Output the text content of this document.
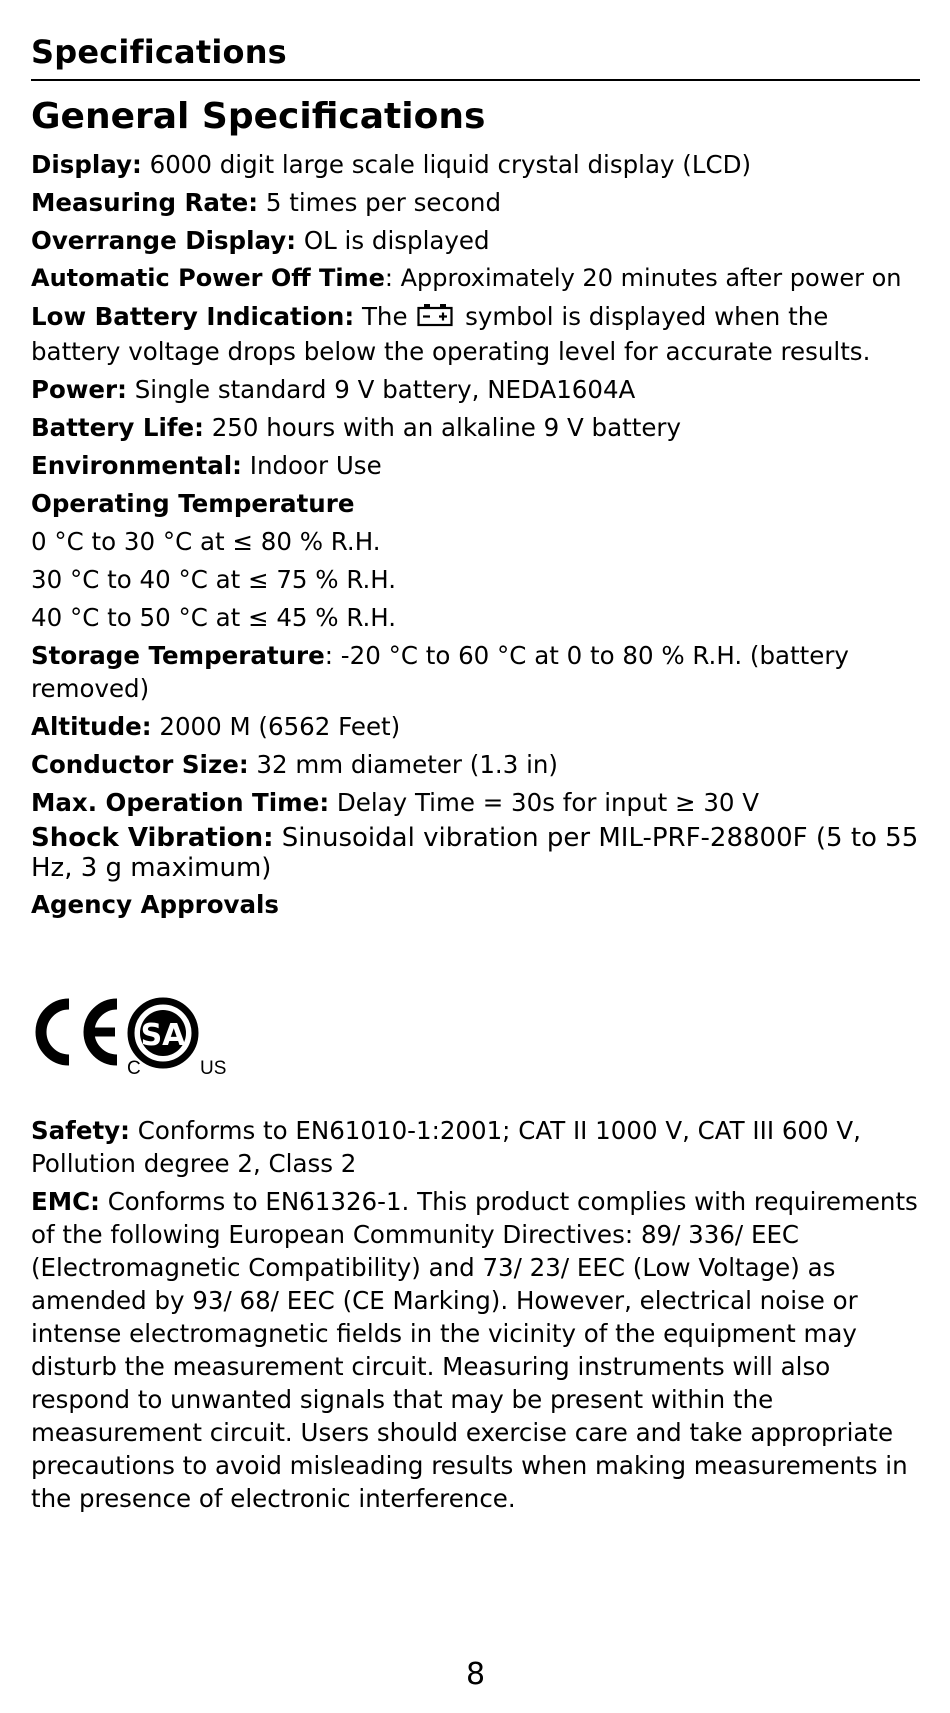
Specifications
General Specifications

Display: 6000 digit large scale liquid crystal display (LCD)

Measuring Rate: 5 times per second

Overrange Display: OL is displayed

Automatic Power Off Time: Approximately 20 minutes after power on

Low Battery Indication: The  symbol is displayed when the battery voltage drops below the operating level for accurate results.

Power: Single standard 9 V battery, NEDA1604A

Battery Life: 250 hours with an alkaline 9 V battery

Environmental: Indoor Use

Operating Temperature

0 °C to 30 °C at ≤ 80 % R.H.

30 °C to 40 °C at ≤ 75 % R.H.

40 °C to 50 °C at ≤ 45 % R.H.

Storage Temperature: -20 °C to 60 °C at 0 to 80 % R.H. (battery removed)

Altitude: 2000 M (6562 Feet)

Conductor Size: 32 mm diameter (1.3 in)

Max. Operation Time: Delay Time = 30s for input ≥ 30 V

Shock Vibration: Sinusoidal vibration per MIL-PRF-28800F (5 to 55 Hz, 3 g maximum)

Agency Approvals

SA
C	US

Safety: Conforms to EN61010-1:2001; CAT II 1000 V, CAT III 600 V, Pollution degree 2, Class 2

EMC: Conforms to EN61326-1. This product complies with requirements of the following European Community Directives: 89/ 336/ EEC (Electromagnetic Compatibility) and 73/ 23/ EEC (Low Voltage) as amended by 93/ 68/ EEC (CE Marking). However, electrical noise or intense electromagnetic fields in the vicinity of the equipment may disturb the measurement circuit. Measuring instruments will also respond to unwanted signals that may be present within the measurement circuit. Users should exercise care and take appropriate precautions to avoid misleading results when making measurements in the presence of electronic interference.

8
